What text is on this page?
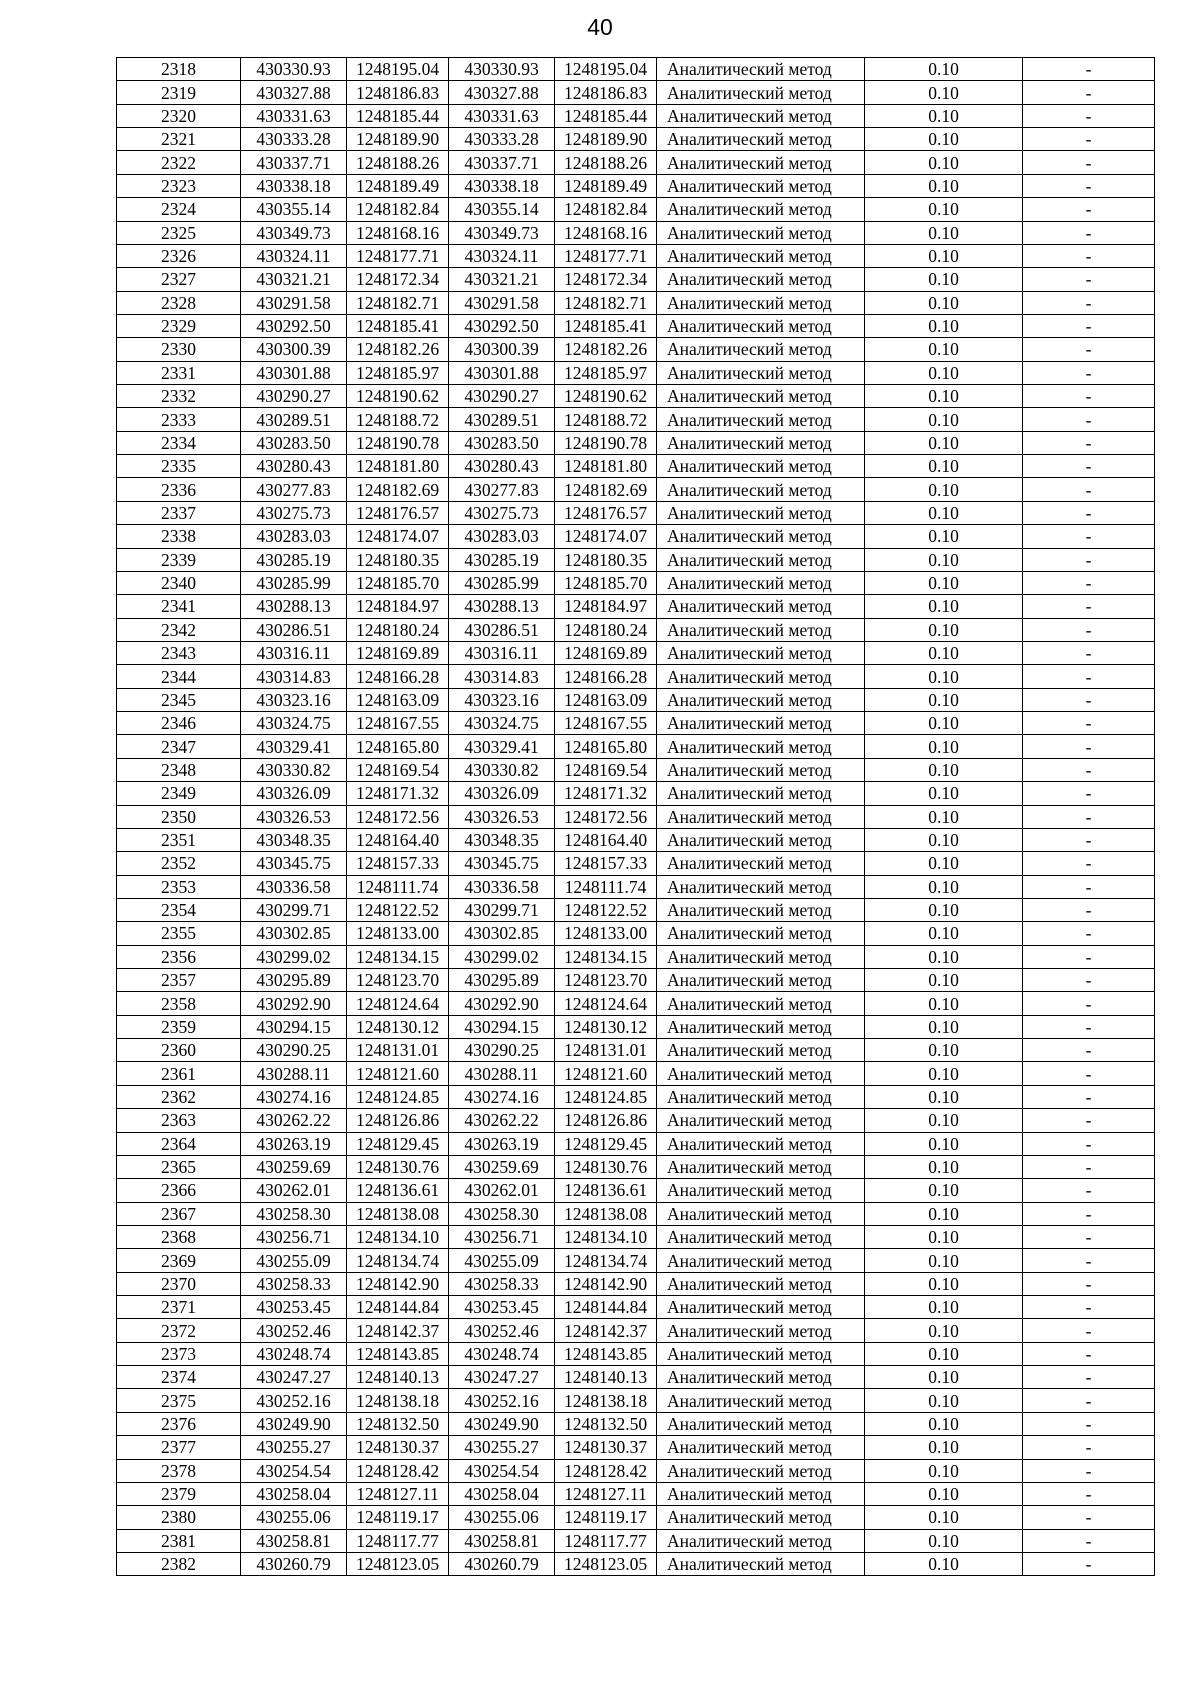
40
2318	430330.93	1248195.04	430330.93	1248195.04	Аналитический метод	0.10	-
2319	430327.88	1248186.83	430327.88	1248186.83	Аналитический метод	0.10	-
2320	430331.63	1248185.44	430331.63	1248185.44	Аналитический метод	0.10	-
2321	430333.28	1248189.90	430333.28	1248189.90	Аналитический метод	0.10	-
2322	430337.71	1248188.26	430337.71	1248188.26	Аналитический метод	0.10	-
2323	430338.18	1248189.49	430338.18	1248189.49	Аналитический метод	0.10	-
2324	430355.14	1248182.84	430355.14	1248182.84	Аналитический метод	0.10	-
2325	430349.73	1248168.16	430349.73	1248168.16	Аналитический метод	0.10	-
2326	430324.11	1248177.71	430324.11	1248177.71	Аналитический метод	0.10	-
2327	430321.21	1248172.34	430321.21	1248172.34	Аналитический метод	0.10	-
2328	430291.58	1248182.71	430291.58	1248182.71	Аналитический метод	0.10	-
2329	430292.50	1248185.41	430292.50	1248185.41	Аналитический метод	0.10	-
2330	430300.39	1248182.26	430300.39	1248182.26	Аналитический метод	0.10	-
2331	430301.88	1248185.97	430301.88	1248185.97	Аналитический метод	0.10	-
2332	430290.27	1248190.62	430290.27	1248190.62	Аналитический метод	0.10	-
2333	430289.51	1248188.72	430289.51	1248188.72	Аналитический метод	0.10	-
2334	430283.50	1248190.78	430283.50	1248190.78	Аналитический метод	0.10	-
2335	430280.43	1248181.80	430280.43	1248181.80	Аналитический метод	0.10	-
2336	430277.83	1248182.69	430277.83	1248182.69	Аналитический метод	0.10	-
2337	430275.73	1248176.57	430275.73	1248176.57	Аналитический метод	0.10	-
2338	430283.03	1248174.07	430283.03	1248174.07	Аналитический метод	0.10	-
2339	430285.19	1248180.35	430285.19	1248180.35	Аналитический метод	0.10	-
2340	430285.99	1248185.70	430285.99	1248185.70	Аналитический метод	0.10	-
2341	430288.13	1248184.97	430288.13	1248184.97	Аналитический метод	0.10	-
2342	430286.51	1248180.24	430286.51	1248180.24	Аналитический метод	0.10	-
2343	430316.11	1248169.89	430316.11	1248169.89	Аналитический метод	0.10	-
2344	430314.83	1248166.28	430314.83	1248166.28	Аналитический метод	0.10	-
2345	430323.16	1248163.09	430323.16	1248163.09	Аналитический метод	0.10	-
2346	430324.75	1248167.55	430324.75	1248167.55	Аналитический метод	0.10	-
2347	430329.41	1248165.80	430329.41	1248165.80	Аналитический метод	0.10	-
2348	430330.82	1248169.54	430330.82	1248169.54	Аналитический метод	0.10	-
2349	430326.09	1248171.32	430326.09	1248171.32	Аналитический метод	0.10	-
2350	430326.53	1248172.56	430326.53	1248172.56	Аналитический метод	0.10	-
2351	430348.35	1248164.40	430348.35	1248164.40	Аналитический метод	0.10	-
2352	430345.75	1248157.33	430345.75	1248157.33	Аналитический метод	0.10	-
2353	430336.58	1248111.74	430336.58	1248111.74	Аналитический метод	0.10	-
2354	430299.71	1248122.52	430299.71	1248122.52	Аналитический метод	0.10	-
2355	430302.85	1248133.00	430302.85	1248133.00	Аналитический метод	0.10	-
2356	430299.02	1248134.15	430299.02	1248134.15	Аналитический метод	0.10	-
2357	430295.89	1248123.70	430295.89	1248123.70	Аналитический метод	0.10	-
2358	430292.90	1248124.64	430292.90	1248124.64	Аналитический метод	0.10	-
2359	430294.15	1248130.12	430294.15	1248130.12	Аналитический метод	0.10	-
2360	430290.25	1248131.01	430290.25	1248131.01	Аналитический метод	0.10	-
2361	430288.11	1248121.60	430288.11	1248121.60	Аналитический метод	0.10	-
2362	430274.16	1248124.85	430274.16	1248124.85	Аналитический метод	0.10	-
2363	430262.22	1248126.86	430262.22	1248126.86	Аналитический метод	0.10	-
2364	430263.19	1248129.45	430263.19	1248129.45	Аналитический метод	0.10	-
2365	430259.69	1248130.76	430259.69	1248130.76	Аналитический метод	0.10	-
2366	430262.01	1248136.61	430262.01	1248136.61	Аналитический метод	0.10	-
2367	430258.30	1248138.08	430258.30	1248138.08	Аналитический метод	0.10	-
2368	430256.71	1248134.10	430256.71	1248134.10	Аналитический метод	0.10	-
2369	430255.09	1248134.74	430255.09	1248134.74	Аналитический метод	0.10	-
2370	430258.33	1248142.90	430258.33	1248142.90	Аналитический метод	0.10	-
2371	430253.45	1248144.84	430253.45	1248144.84	Аналитический метод	0.10	-
2372	430252.46	1248142.37	430252.46	1248142.37	Аналитический метод	0.10	-
2373	430248.74	1248143.85	430248.74	1248143.85	Аналитический метод	0.10	-
2374	430247.27	1248140.13	430247.27	1248140.13	Аналитический метод	0.10	-
2375	430252.16	1248138.18	430252.16	1248138.18	Аналитический метод	0.10	-
2376	430249.90	1248132.50	430249.90	1248132.50	Аналитический метод	0.10	-
2377	430255.27	1248130.37	430255.27	1248130.37	Аналитический метод	0.10	-
2378	430254.54	1248128.42	430254.54	1248128.42	Аналитический метод	0.10	-
2379	430258.04	1248127.11	430258.04	1248127.11	Аналитический метод	0.10	-
2380	430255.06	1248119.17	430255.06	1248119.17	Аналитический метод	0.10	-
2381	430258.81	1248117.77	430258.81	1248117.77	Аналитический метод	0.10	-
2382	430260.79	1248123.05	430260.79	1248123.05	Аналитический метод	0.10	-
